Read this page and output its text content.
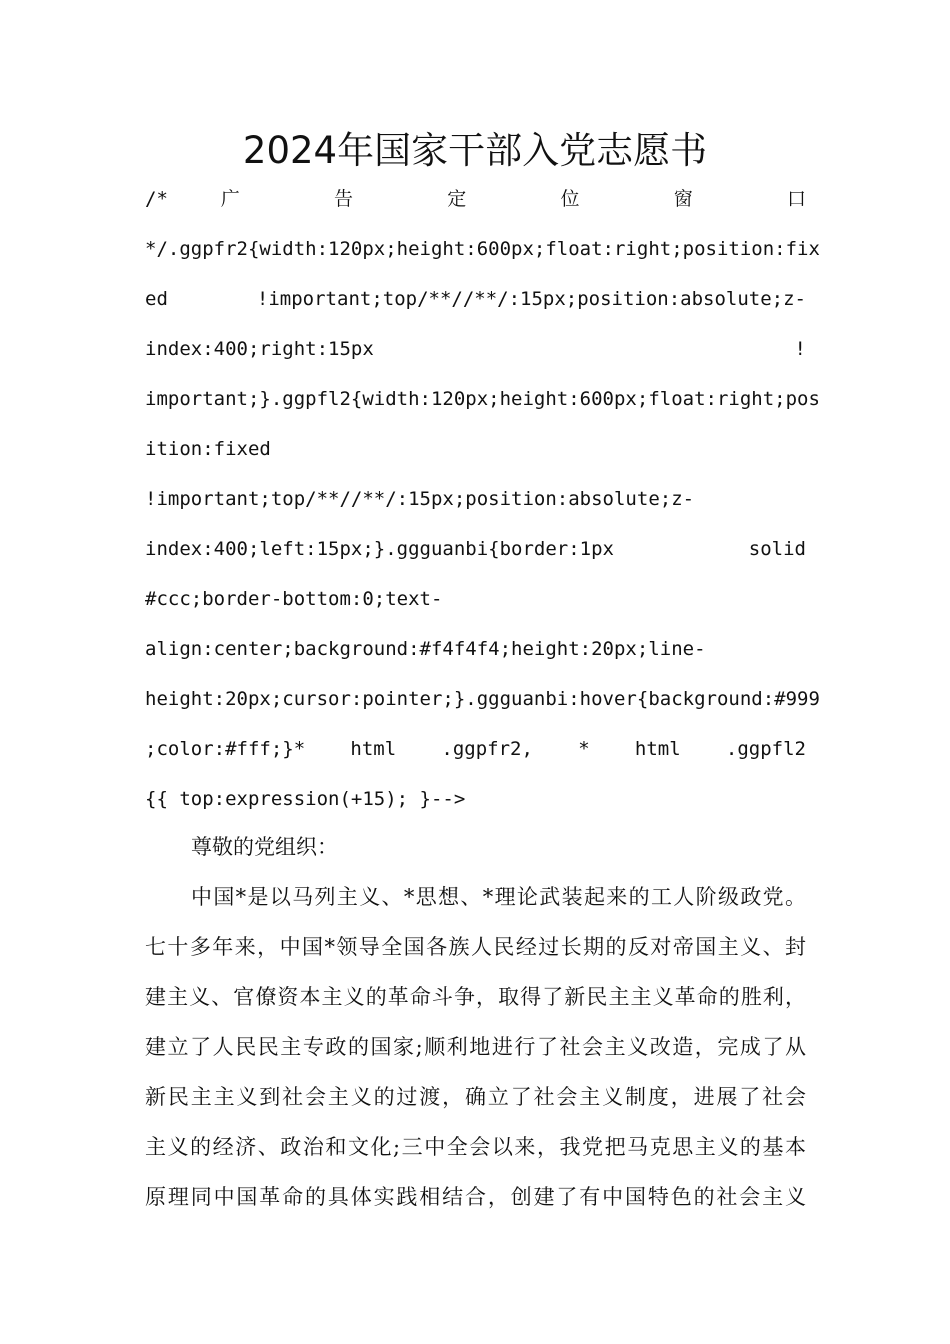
2024年国家干部入党志愿书
/* 广 告 定 位 窗 口
*/.ggpfr2{width:120px;height:600px;float:right;position:fix
ed !important;top/**//**/:15px;position:absolute;z-
index:400;right:15px !
important;}.ggpfl2{width:120px;height:600px;float:right;pos
ition:fixed
!important;top/**//**/:15px;position:absolute;z-
index:400;left:15px;}.ggguanbi{border:1px solid
#ccc;border-bottom:0;text-
align:center;background:#f4f4f4;height:20px;line-
height:20px;cursor:pointer;}.ggguanbi:hover{background:#999
;color:#fff;}* html .ggpfr2, * html .ggpfl2
{{ top:expression(+15); }-->
尊敬的党组织：
中国*是以马列主义、*思想、*理论武装起来的工人阶级政党。
七十多年来，中国*领导全国各族人民经过长期的反对帝国主义、封
建主义、官僚资本主义的革命斗争，取得了新民主主义革命的胜利，
建立了人民民主专政的国家;顺利地进行了社会主义改造，完成了从
新民主主义到社会主义的过渡，确立了社会主义制度，进展了社会
主义的经济、政治和文化;三中全会以来，我党把马克思主义的基本
原理同中国革命的具体实践相结合，创建了有中国特色的社会主义
